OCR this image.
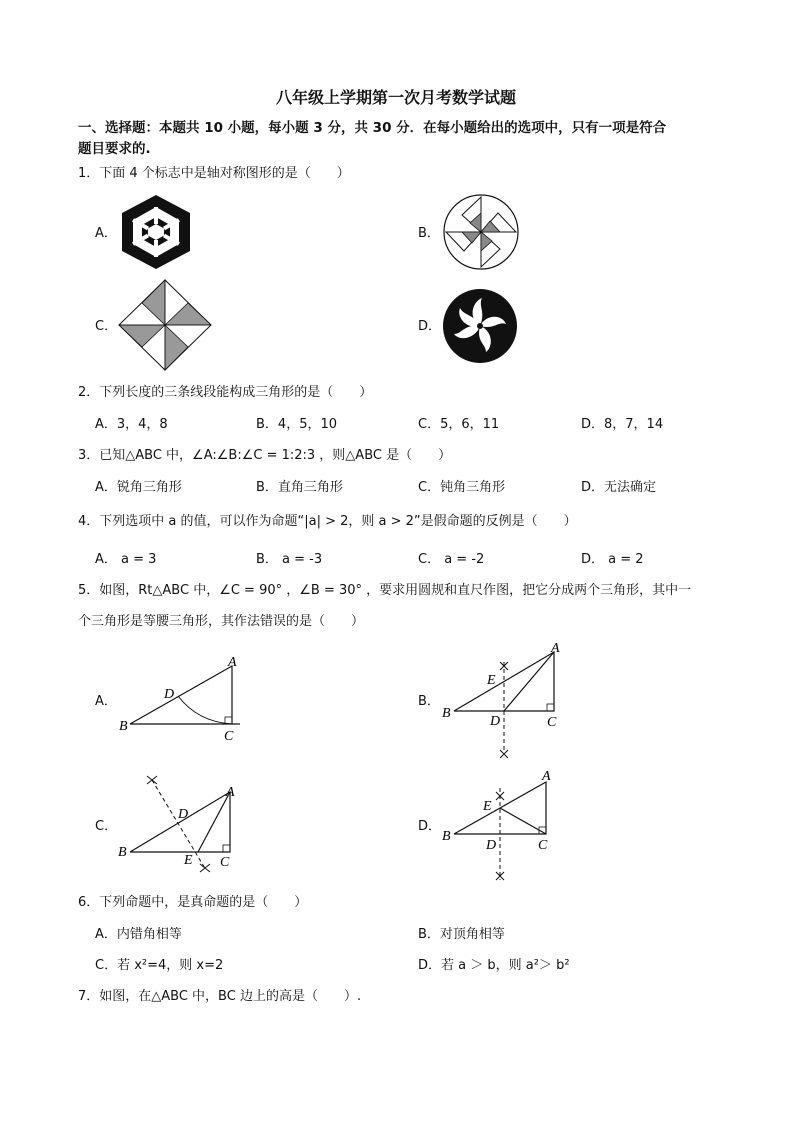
八年级上学期第一次月考数学试题
一、选择题：本题共 10 小题，每小题 3 分，共 30 分．在每小题给出的选项中，只有一项是符合
题目要求的.
1．下面 4 个标志中是轴对称图形的是（　　）
A．	B．
C．	D．
2．下列长度的三条线段能构成三角形的是（　　）
A．3，4，8	B．4，5，10	C．5，6，11	D．8，7，14
3．已知△ABC 中，∠A:∠B:∠C = 1:2:3 ，则△ABC 是（　　）
A．锐角三角形	B．直角三角形	C．钝角三角形	D．无法确定
4．下列选项中 a 的值，可以作为命题“|a| > 2，则 a > 2”是假命题的反例是（　　）
A． a = 3	B． a = -3	C． a = -2	D． a = 2
5．如图，Rt△ABC 中，∠C = 90° ，∠B = 30° ，要求用圆规和直尺作图，把它分成两个三角形，其中一
个三角形是等腰三角形，其作法错误的是（　　）
A．
A
D
B
C
B．
A
E
B
D	C
C．
A
D
B
E C
D．
A
E
B
D	C
6．下列命题中，是真命题的是（　　）
A．内错角相等	B．对顶角相等
C．若 x²=4，则 x=2	D．若 a ＞ b，则 a²＞ b²
7．如图，在△ABC 中，BC 边上的高是（　　）.
